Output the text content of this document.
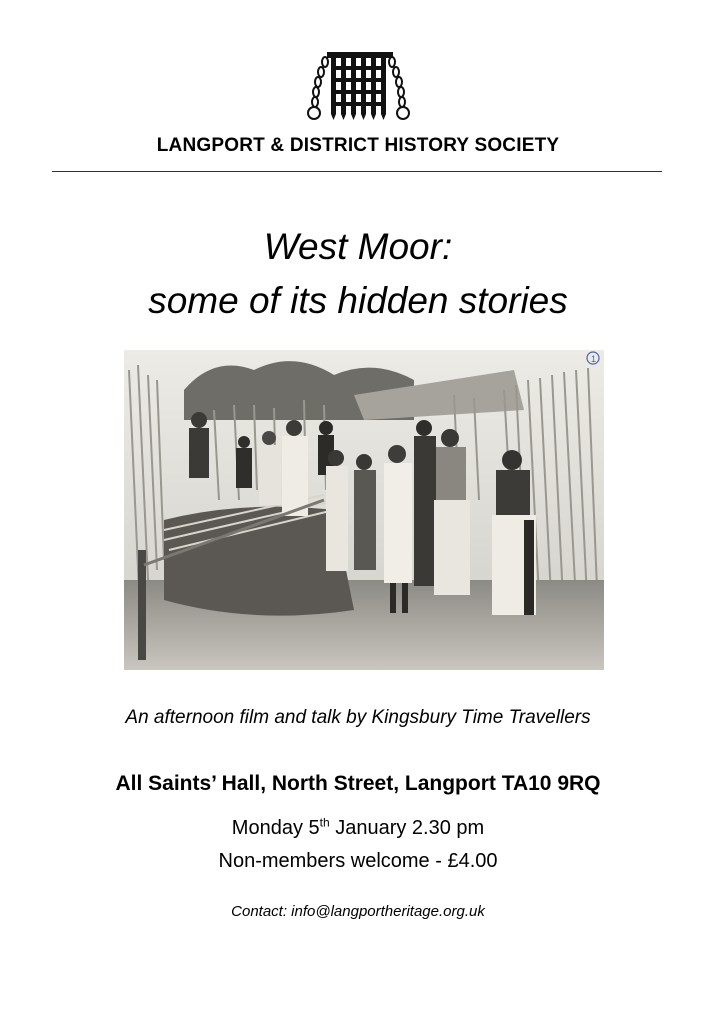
LANGPORT & DISTRICT HISTORY SOCIETY
West Moor:
some of its hidden stories
1
An afternoon film and talk by Kingsbury Time Travellers
All Saints’ Hall, North Street, Langport TA10 9RQ
Monday 5th January 2.30 pm
Non-members welcome - £4.00
Contact: info@langportheritage.org.uk
